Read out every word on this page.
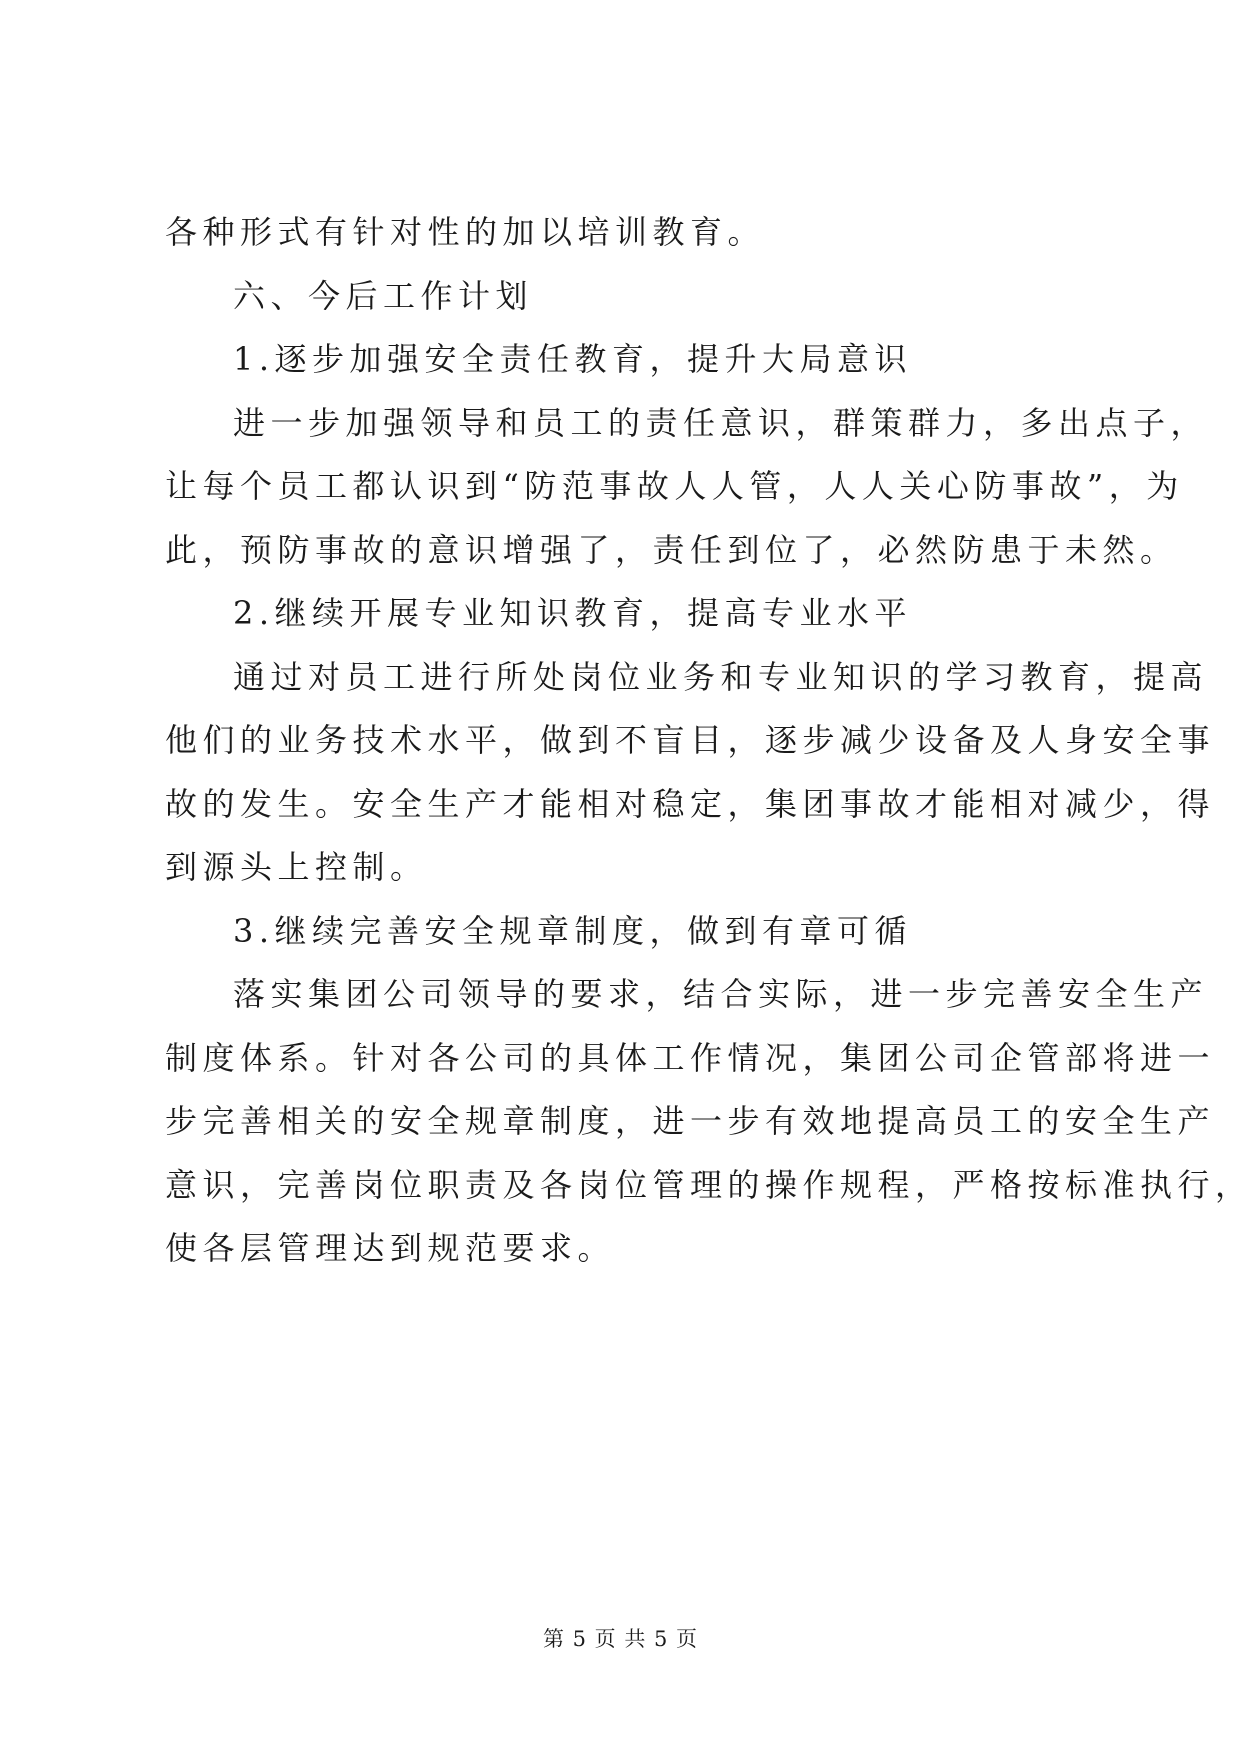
各种形式有针对性的加以培训教育。
六、今后工作计划
1.逐步加强安全责任教育，提升大局意识
进一步加强领导和员工的责任意识，群策群力，多出点子，
让每个员工都认识到“防范事故人人管，人人关心防事故”，为
此，预防事故的意识增强了，责任到位了，必然防患于未然。
2.继续开展专业知识教育，提高专业水平
通过对员工进行所处岗位业务和专业知识的学习教育，提高
他们的业务技术水平，做到不盲目，逐步减少设备及人身安全事
故的发生。安全生产才能相对稳定，集团事故才能相对减少，得
到源头上控制。
3.继续完善安全规章制度，做到有章可循
落实集团公司领导的要求，结合实际，进一步完善安全生产
制度体系。针对各公司的具体工作情况，集团公司企管部将进一
步完善相关的安全规章制度，进一步有效地提高员工的安全生产
意识，完善岗位职责及各岗位管理的操作规程，严格按标准执行，
使各层管理达到规范要求。
第 5 页 共 5 页
